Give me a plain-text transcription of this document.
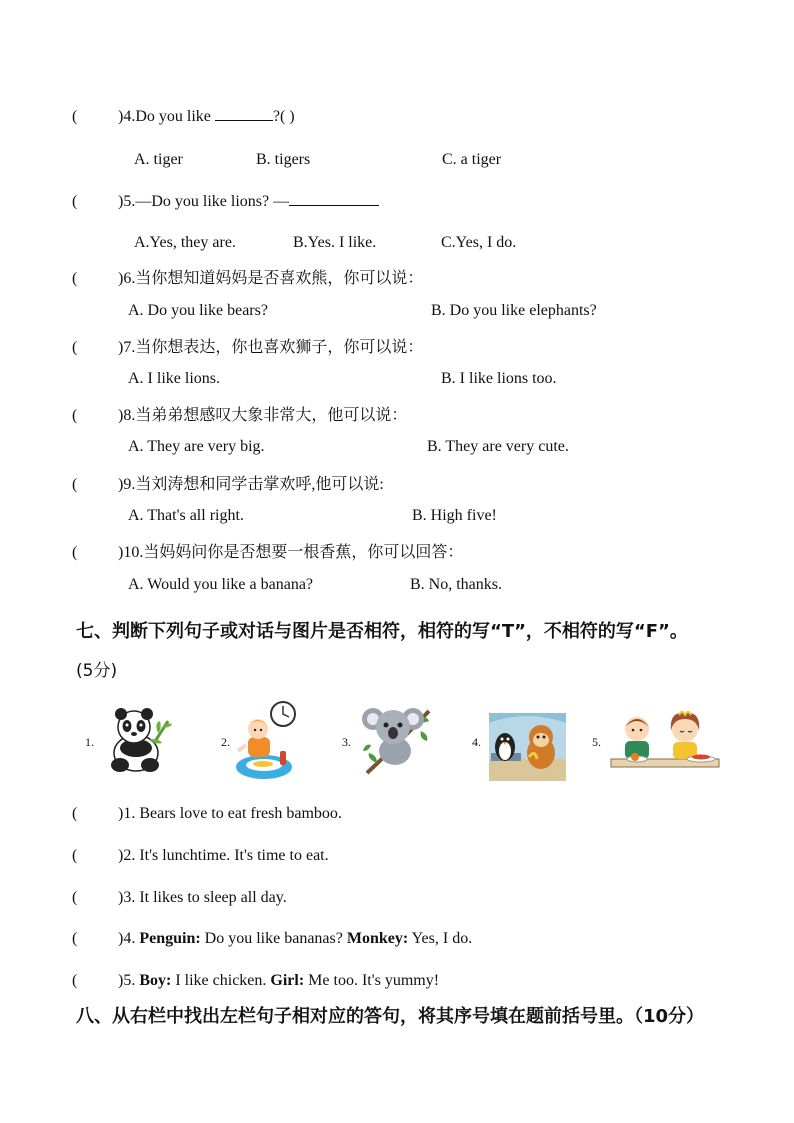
(	)4.Do you like	?( )
A. tiger	B. tigers	C. a tiger
(	)5.—Do you like lions? —
A.Yes, they are.	B.Yes. I like.	C.Yes, I do.
(	)6.当你想知道妈妈是否喜欢熊，你可以说：
A. Do you like bears?	B. Do you like elephants?
(	)7.当你想表达，你也喜欢狮子，你可以说：
A. I like lions.	B. I like lions too.
(	)8.当弟弟想感叹大象非常大，他可以说：
A. They are very big.	B. They are very cute.
(	)9.当刘涛想和同学击掌欢呼,他可以说:
A. That's all right.	B. High five!
(	)10.当妈妈问你是否想要一根香蕉，你可以回答：
A. Would you like a banana?	B. No, thanks.
七、判断下列句子或对话与图片是否相符，相符的写“T”，不相符的写“F”。
(5分)
1.	2.	3.	4.	5.
(	)1. Bears love to eat fresh bamboo.
(	)2. It's lunchtime. It's time to eat.
(	)3. It likes to sleep all day.
(	)4. Penguin: Do you like bananas? Monkey: Yes, I do.
(	)5. Boy: I like chicken. Girl: Me too. It's yummy!
八、从右栏中找出左栏句子相对应的答句，将其序号填在题前括号里。（10分）
